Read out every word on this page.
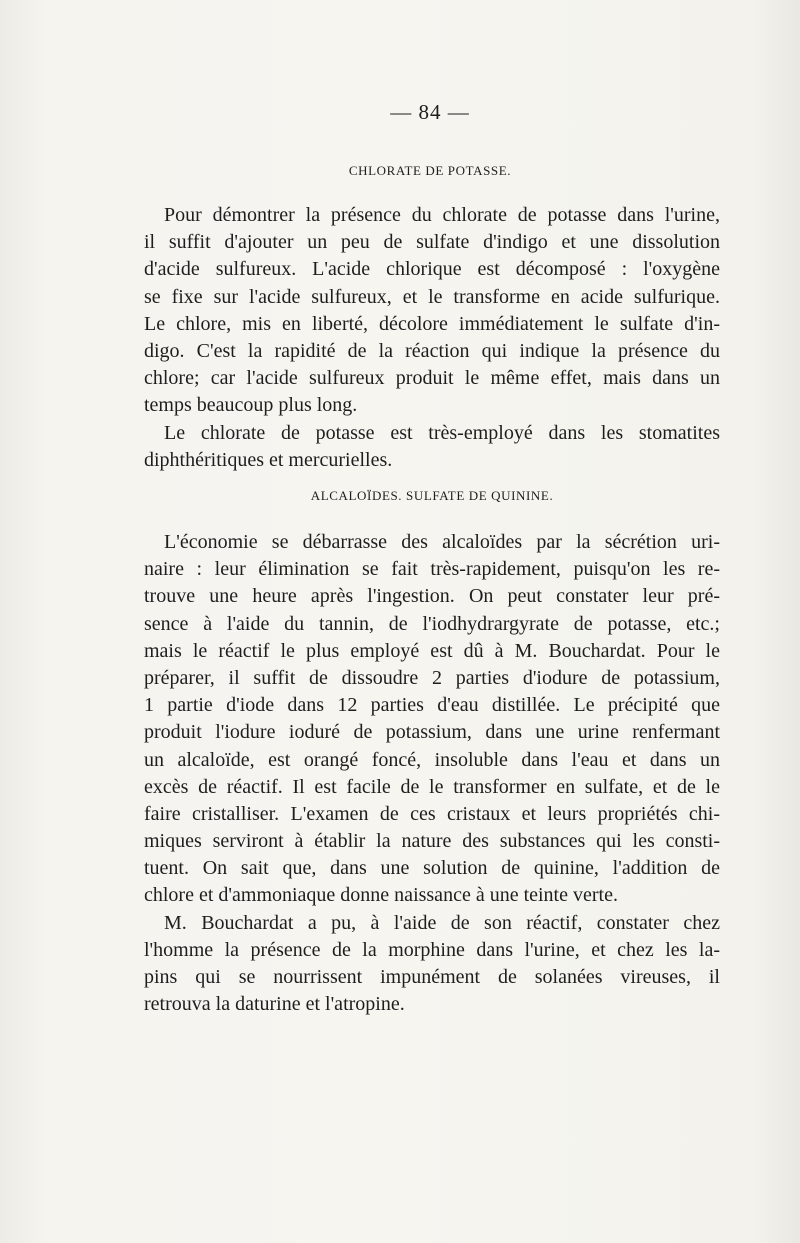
— 84 —
CHLORATE DE POTASSE.
Pour démontrer la présence du chlorate de potasse dans l'urine,
il suffit d'ajouter un peu de sulfate d'indigo et une dissolution
d'acide sulfureux. L'acide chlorique est décomposé : l'oxygène
se fixe sur l'acide sulfureux, et le transforme en acide sulfurique.
Le chlore, mis en liberté, décolore immédiatement le sulfate d'in-
digo. C'est la rapidité de la réaction qui indique la présence du
chlore; car l'acide sulfureux produit le même effet, mais dans un
temps beaucoup plus long.
Le chlorate de potasse est très-employé dans les stomatites
diphthéritiques et mercurielles.
ALCALOÏDES. SULFATE DE QUININE.
L'économie se débarrasse des alcaloïdes par la sécrétion uri-
naire : leur élimination se fait très-rapidement, puisqu'on les re-
trouve une heure après l'ingestion. On peut constater leur pré-
sence à l'aide du tannin, de l'iodhydrargyrate de potasse, etc.;
mais le réactif le plus employé est dû à M. Bouchardat. Pour le
préparer, il suffit de dissoudre 2 parties d'iodure de potassium,
1 partie d'iode dans 12 parties d'eau distillée. Le précipité que
produit l'iodure ioduré de potassium, dans une urine renfermant
un alcaloïde, est orangé foncé, insoluble dans l'eau et dans un
excès de réactif. Il est facile de le transformer en sulfate, et de le
faire cristalliser. L'examen de ces cristaux et leurs propriétés chi-
miques serviront à établir la nature des substances qui les consti-
tuent. On sait que, dans une solution de quinine, l'addition de
chlore et d'ammoniaque donne naissance à une teinte verte.
M. Bouchardat a pu, à l'aide de son réactif, constater chez
l'homme la présence de la morphine dans l'urine, et chez les la-
pins qui se nourrissent impunément de solanées vireuses, il
retrouva la daturine et l'atropine.
